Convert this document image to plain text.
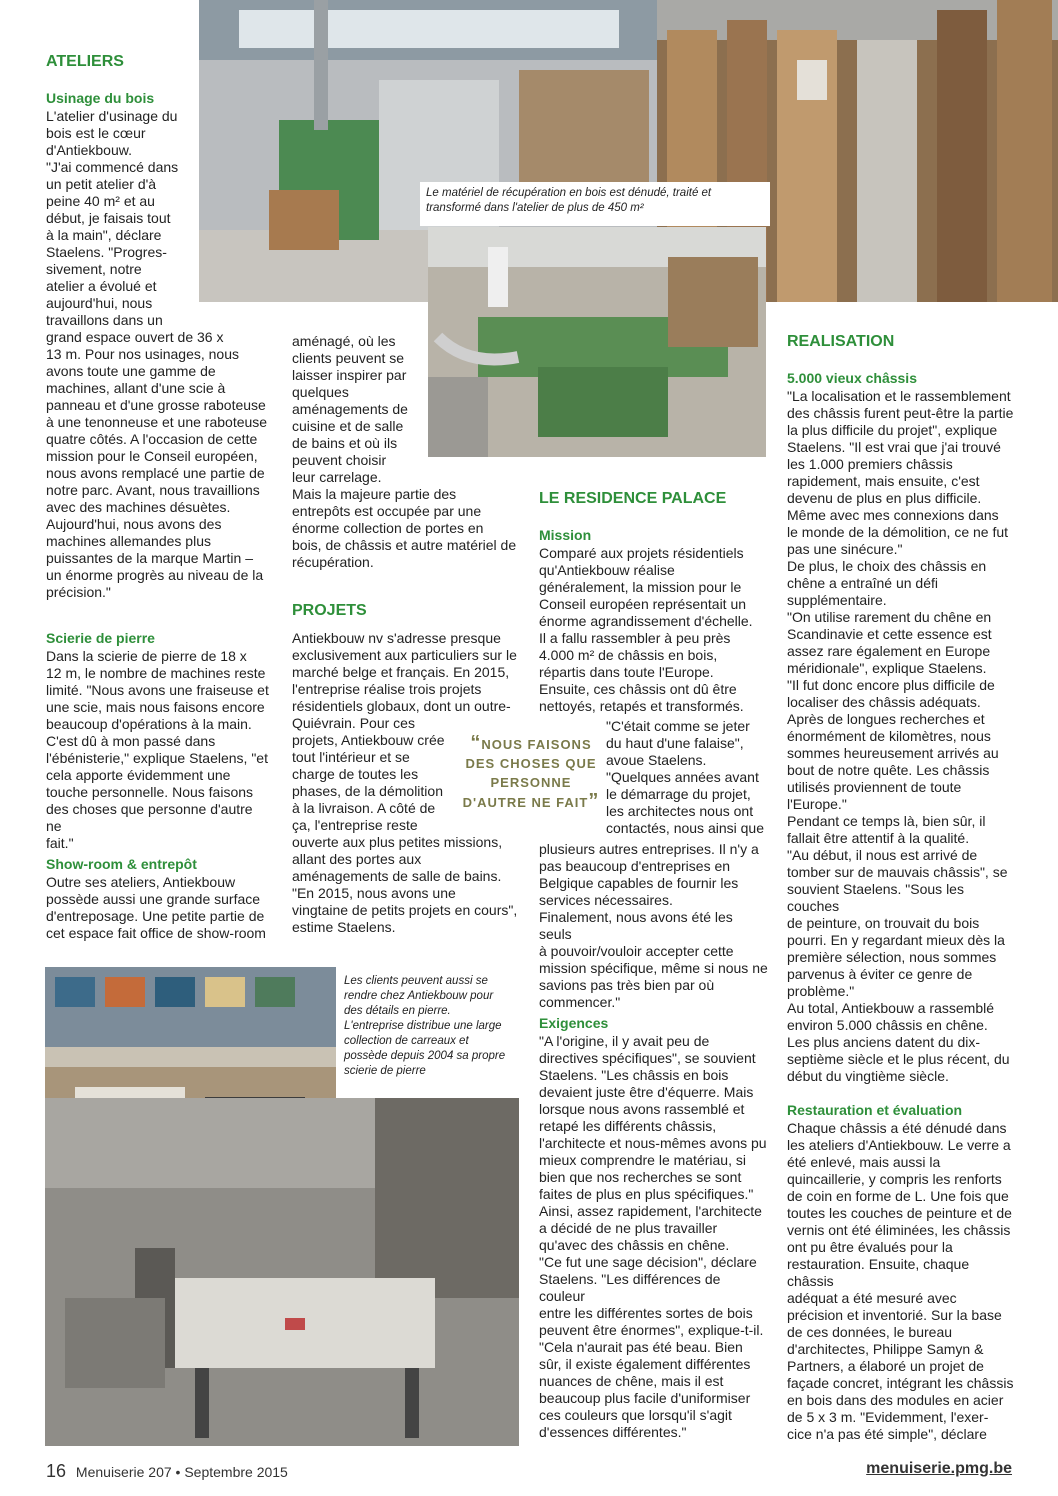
Le matériel de récupération en bois est dénudé, traité et transformé dans l'atelier de plus de 450 m²
Les clients peuvent aussi se rendre chez Antiekbouw pour des détails en pierre. L'entreprise distribue une large collection de carreaux et possède depuis 2004 sa propre scierie de pierre
ATELIERS
Usinage du bois
L'atelier d'usinage du
bois est le cœur
d'Antiekbouw.
"J'ai commencé dans
un petit atelier d'à
peine 40 m² et au
début, je faisais tout
à la main", déclare
Staelens. "Progres-
sivement, notre
atelier a évolué et
aujourd'hui, nous
travaillons dans un
grand espace ouvert de 36 x
13 m. Pour nos usinages, nous
avons toute une gamme de
machines, allant d'une scie à
panneau et d'une grosse raboteuse
à une tenonneuse et une raboteuse
quatre côtés. A l'occasion de cette
mission pour le Conseil européen,
nous avons remplacé une partie de
notre parc. Avant, nous travaillions
avec des machines désuètes.
Aujourd'hui, nous avons des
machines allemandes plus
puissantes de la marque Martin –
un énorme progrès au niveau de la
précision."
Scierie de pierre
Dans la scierie de pierre de 18 x
12 m, le nombre de machines reste
limité. "Nous avons une fraiseuse et
une scie, mais nous faisons encore
beaucoup d'opérations à la main.
C'est dû à mon passé dans
l'ébénisterie," explique Staelens, "et
cela apporte évidemment une
touche personnelle. Nous faisons
des choses que personne d'autre ne
fait."
Show-room & entrepôt
Outre ses ateliers, Antiekbouw
possède aussi une grande surface
d'entreposage. Une petite partie de
cet espace fait office de show-room
aménagé, où les
clients peuvent se
laisser inspirer par
quelques
aménagements de
cuisine et de salle
de bains et où ils
peuvent choisir
leur carrelage.
Mais la majeure partie des
entrepôts est occupée par une
énorme collection de portes en
bois, de châssis et autre matériel de
récupération.
PROJETS
Antiekbouw nv s'adresse presque
exclusivement aux particuliers sur le
marché belge et français. En 2015,
l'entreprise réalise trois projets
résidentiels globaux, dont un outre-
Quiévrain. Pour ces
projets, Antiekbouw crée
tout l'intérieur et se
charge de toutes les
phases, de la démolition
à la livraison. A côté de
ça, l'entreprise reste
ouverte aux plus petites missions,
allant des portes aux
aménagements de salle de bains.
"En 2015, nous avons une
vingtaine de petits projets en cours",
estime Staelens.
“NOUS FAISONS
DES CHOSES QUE
PERSONNE
D'AUTRE NE FAIT”
LE RESIDENCE PALACE
Mission
Comparé aux projets résidentiels
qu'Antiekbouw réalise
généralement, la mission pour le
Conseil européen représentait un
énorme agrandissement d'échelle.
Il a fallu rassembler à peu près
4.000 m² de châssis en bois,
répartis dans toute l'Europe.
Ensuite, ces châssis ont dû être
nettoyés, retapés et transformés.
"C'était comme se jeter
du haut d'une falaise",
avoue Staelens.
"Quelques années avant
le démarrage du projet,
les architectes nous ont
contactés, nous ainsi que
plusieurs autres entreprises. Il n'y a
pas beaucoup d'entreprises en
Belgique capables de fournir les
services nécessaires.
Finalement, nous avons été les seuls
à pouvoir/vouloir accepter cette
mission spécifique, même si nous ne
savions pas très bien par où
commencer."
Exigences
"A l'origine, il y avait peu de
directives spécifiques", se souvient
Staelens. "Les châssis en bois
devaient juste être d'équerre. Mais
lorsque nous avons rassemblé et
retapé les différents châssis,
l'architecte et nous-mêmes avons pu
mieux comprendre le matériau, si
bien que nos recherches se sont
faites de plus en plus spécifiques."
Ainsi, assez rapidement, l'architecte
a décidé de ne plus travailler
qu'avec des châssis en chêne.
"Ce fut une sage décision", déclare
Staelens. "Les différences de couleur
entre les différentes sortes de bois
peuvent être énormes", explique-t-il.
"Cela n'aurait pas été beau. Bien
sûr, il existe également différentes
nuances de chêne, mais il est
beaucoup plus facile d'uniformiser
ces couleurs que lorsqu'il s'agit
d'essences différentes."
REALISATION
5.000 vieux châssis
"La localisation et le rassemblement
des châssis furent peut-être la partie
la plus difficile du projet", explique
Staelens. "Il est vrai que j'ai trouvé
les 1.000 premiers châssis
rapidement, mais ensuite, c'est
devenu de plus en plus difficile.
Même avec mes connexions dans
le monde de la démolition, ce ne fut
pas une sinécure."
De plus, le choix des châssis en
chêne a entraîné un défi
supplémentaire.
"On utilise rarement du chêne en
Scandinavie et cette essence est
assez rare également en Europe
méridionale", explique Staelens.
"Il fut donc encore plus difficile de
localiser des châssis adéquats.
Après de longues recherches et
énormément de kilomètres, nous
sommes heureusement arrivés au
bout de notre quête. Les châssis
utilisés proviennent de toute
l'Europe."
Pendant ce temps là, bien sûr, il
fallait être attentif à la qualité.
"Au début, il nous est arrivé de
tomber sur de mauvais châssis", se
souvient Staelens. "Sous les couches
de peinture, on trouvait du bois
pourri. En y regardant mieux dès la
première sélection, nous sommes
parvenus à éviter ce genre de
problème."
Au total, Antiekbouw a rassemblé
environ 5.000 châssis en chêne.
Les plus anciens datent du dix-
septième siècle et le plus récent, du
début du vingtième siècle.
Restauration et évaluation
Chaque châssis a été dénudé dans
les ateliers d'Antiekbouw. Le verre a
été enlevé, mais aussi la
quincaillerie, y compris les renforts
de coin en forme de L. Une fois que
toutes les couches de peinture et de
vernis ont été éliminées, les châssis
ont pu être évalués pour la
restauration. Ensuite, chaque châssis
adéquat a été mesuré avec
précision et inventorié. Sur la base
de ces données, le bureau
d'architectes, Philippe Samyn &
Partners, a élaboré un projet de
façade concret, intégrant les châssis
en bois dans des modules en acier
de 5 x 3 m. "Evidemment, l'exer-
cice n'a pas été simple", déclare
16 Menuiserie 207 • Septembre 2015	menuiserie.pmg.be
